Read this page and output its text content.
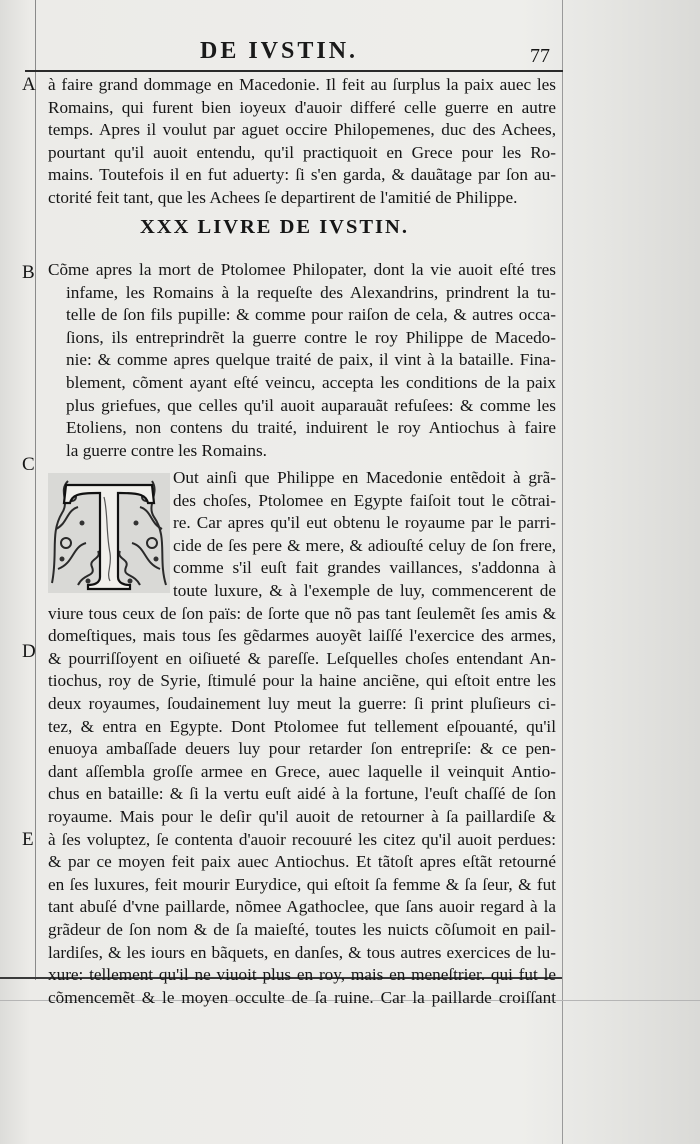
DE IVSTIN.	77
A
B
C
D
E
à faire grand dommage en Macedonie. Il feit au ſurplus la paix auec les
Romains, qui furent bien ioyeux d'auoir differé celle guerre en autre
temps. Apres il voulut par aguet occire Philopemenes, duc des Achees,
pourtant qu'il auoit entendu, qu'il practiquoit en Grece pour les Ro-
mains. Toutefois il en fut aduerty: ſi s'en garda, & dauãtage par ſon au-
ctorité feit tant, que les Achees ſe departirent de l'amitié de Philippe.
XXX LIVRE DE IVSTIN.
Cõme apres la mort de Ptolomee Philopater, dont la vie auoit eſté tres
infame, les Romains à la requeſte des Alexandrins, prindrent la tu-
telle de ſon fils pupille: & comme pour raiſon de cela, & autres occa-
ſions, ils entreprindrẽt la guerre contre le roy Philippe de Macedo-
nie: & comme apres quelque traité de paix, il vint à la bataille. Fina-
blement, cõment ayant eſté veincu, accepta les conditions de la paix
plus griefues, que celles qu'il auoit auparauãt refuſees: & comme les
Etoliens, non contens du traité, induirent le roy Antiochus à faire
la guerre contre les Romains.
Out ainſi que Philippe en Macedonie entẽdoit à grã-
des choſes, Ptolomee en Egypte faiſoit tout le cõtrai-
re. Car apres qu'il eut obtenu le royaume par le parri-
cide de ſes pere & mere, & adiouſté celuy de ſon frere,
comme s'il euſt fait grandes vaillances, s'addonna à
toute luxure, & à l'exemple de luy, commencerent de
viure tous ceux de ſon païs: de ſorte que nõ pas tant ſeulemẽt ſes amis &
domeſtiques, mais tous ſes gẽdarmes auoyẽt laiſſé l'exercice des armes,
& pourriſſoyent en oiſiueté & pareſſe. Leſquelles choſes entendant An-
tiochus, roy de Syrie, ſtimulé pour la haine anciẽne, qui eſtoit entre les
deux royaumes, ſoudainement luy meut la guerre: ſi print pluſieurs ci-
tez, & entra en Egypte. Dont Ptolomee fut tellement eſpouanté, qu'il
enuoya ambaſſade deuers luy pour retarder ſon entrepriſe: & ce pen-
dant aſſembla groſſe armee en Grece, auec laquelle il veinquit Antio-
chus en bataille: & ſi la vertu euſt aidé à la fortune, l'euſt chaſſé de ſon
royaume. Mais pour le deſir qu'il auoit de retourner à ſa paillardiſe &
à ſes voluptez, ſe contenta d'auoir recouuré les citez qu'il auoit perdues:
& par ce moyen feit paix auec Antiochus. Et tãtoſt apres eſtãt retourné
en ſes luxures, feit mourir Eurydice, qui eſtoit ſa femme & ſa ſeur, & fut
tant abuſé d'vne paillarde, nõmee Agathoclee, que ſans auoir regard à la
grãdeur de ſon nom & de ſa maieſté, toutes les nuicts cõſumoit en pail-
lardiſes, & les iours en bãquets, en danſes, & tous autres exercices de lu-
xure: tellement qu'il ne viuoit plus en roy, mais en meneſtrier. qui fut le
cõmencemẽt & le moyen occulte de ſa ruine. Car la paillarde croiſſant
